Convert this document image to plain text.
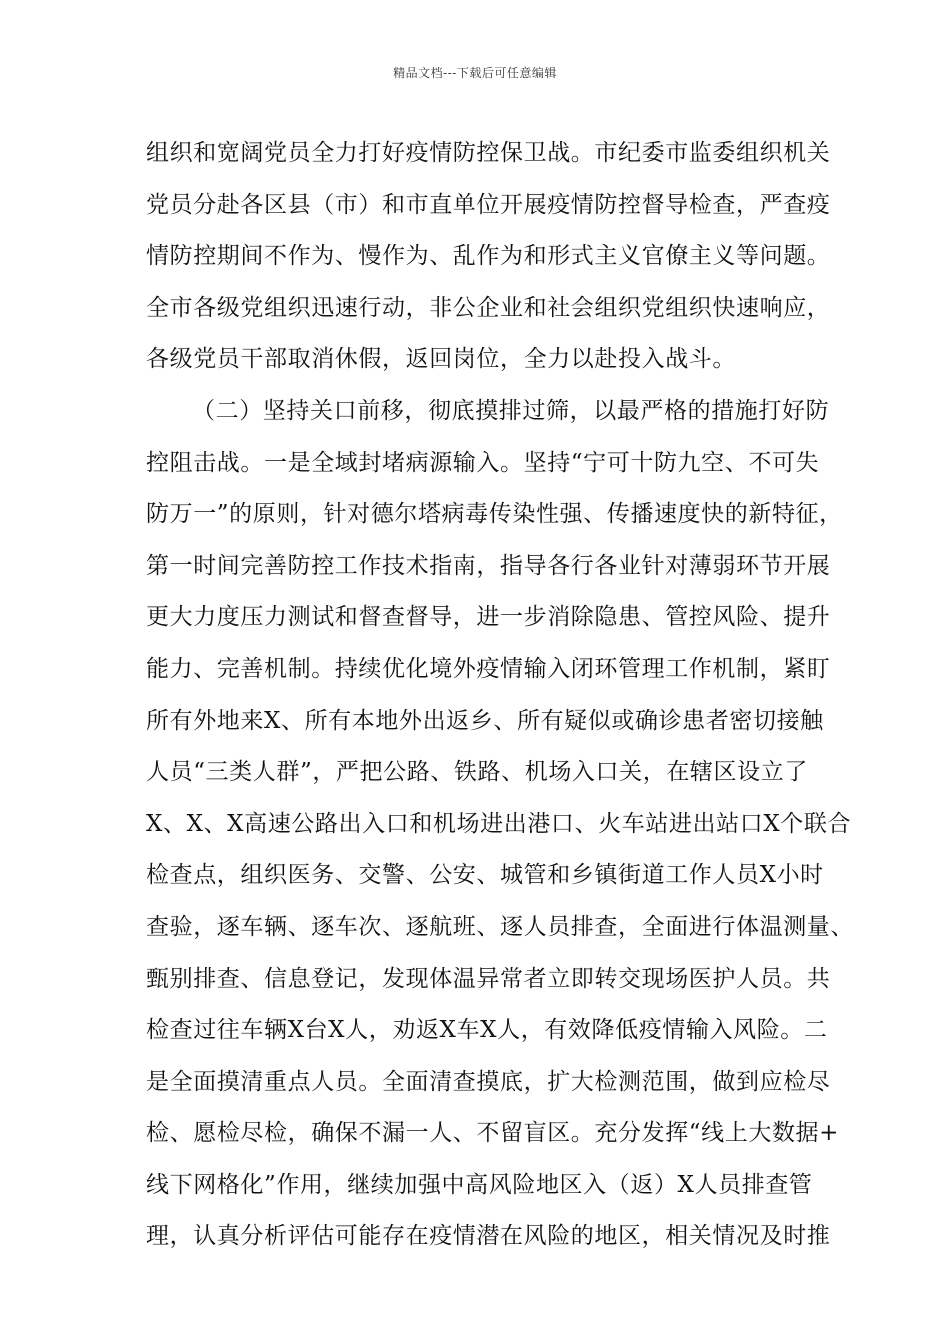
精品文档---下载后可任意编辑
组织和宽阔党员全力打好疫情防控保卫战。市纪委市监委组织机关
党员分赴各区县（市）和市直单位开展疫情防控督导检查，严查疫
情防控期间不作为、慢作为、乱作为和形式主义官僚主义等问题。
全市各级党组织迅速行动，非公企业和社会组织党组织快速响应，
各级党员干部取消休假，返回岗位，全力以赴投入战斗。
（二）坚持关口前移，彻底摸排过筛，以最严格的措施打好防
控阻击战。一是全域封堵病源输入。坚持“宁可十防九空、不可失
防万一”的原则，针对德尔塔病毒传染性强、传播速度快的新特征，
第一时间完善防控工作技术指南，指导各行各业针对薄弱环节开展
更大力度压力测试和督查督导，进一步消除隐患、管控风险、提升
能力、完善机制。持续优化境外疫情输入闭环管理工作机制，紧盯
所有外地来X、所有本地外出返乡、所有疑似或确诊患者密切接触
人员“三类人群”，严把公路、铁路、机场入口关，在辖区设立了
X、X、X高速公路出入口和机场进出港口、火车站进出站口X个联合
检查点，组织医务、交警、公安、城管和乡镇街道工作人员X小时
查验，逐车辆、逐车次、逐航班、逐人员排查，全面进行体温测量、
甄别排查、信息登记，发现体温异常者立即转交现场医护人员。共
检查过往车辆X台X人，劝返X车X人，有效降低疫情输入风险。二
是全面摸清重点人员。全面清查摸底，扩大检测范围，做到应检尽
检、愿检尽检，确保不漏一人、不留盲区。充分发挥“线上大数据+
线下网格化”作用，继续加强中高风险地区入（返）X人员排查管
理，认真分析评估可能存在疫情潜在风险的地区，相关情况及时推
